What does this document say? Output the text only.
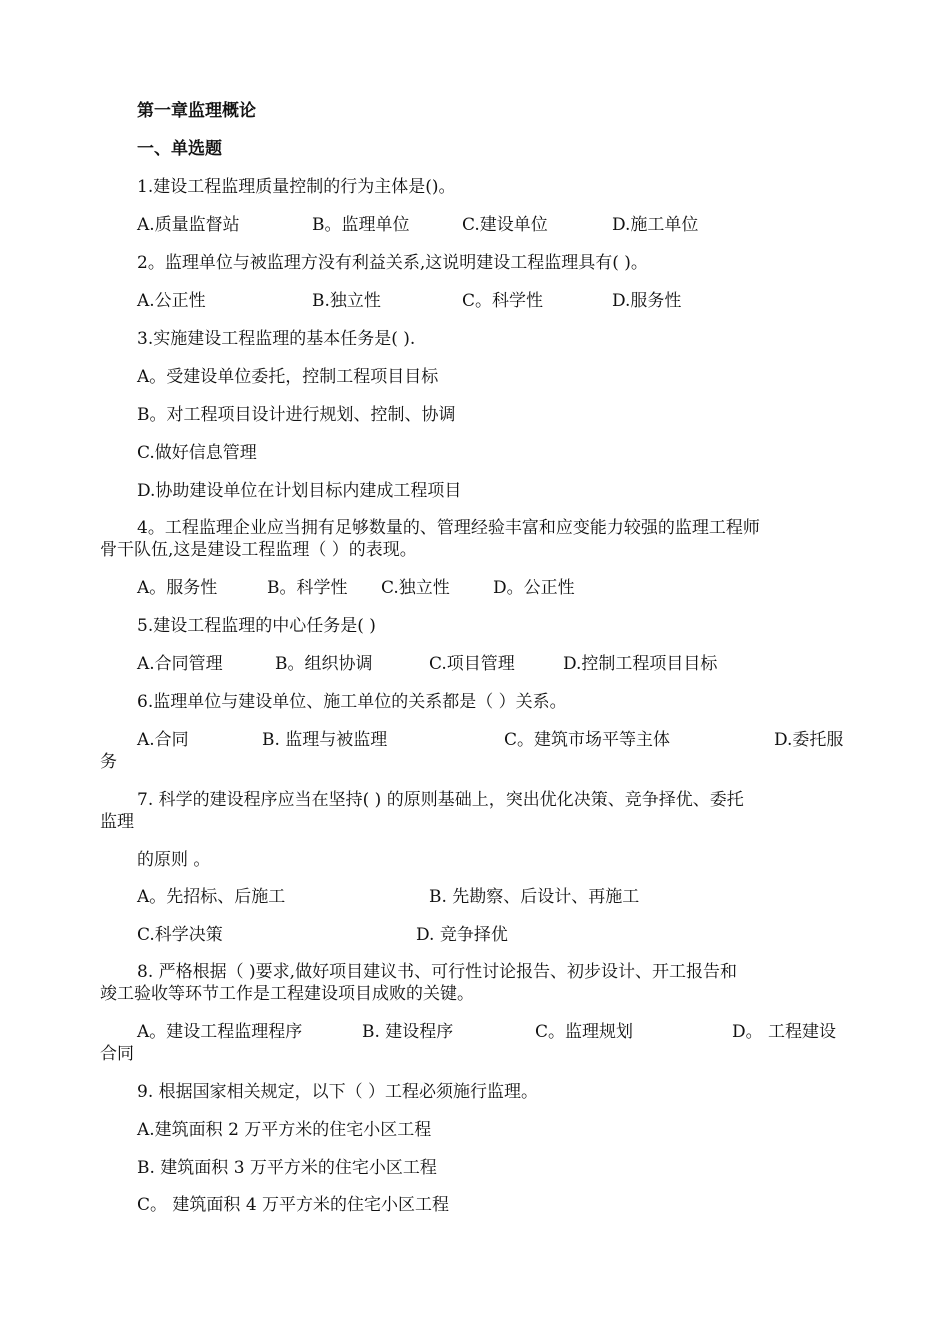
第一章监理概论
一、单选题
1.建设工程监理质量控制的行为主体是()。
A.质量监督站	B。监理单位	C.建设单位	D.施工单位
2。监理单位与被监理方没有利益关系,这说明建设工程监理具有( )。
A.公正性	B.独立性	C。科学性	D.服务性
3.实施建设工程监理的基本任务是( ).
A。受建设单位委托，控制工程项目目标
B。对工程项目设计进行规划、控制、协调
C.做好信息管理
D.协助建设单位在计划目标内建成工程项目
4。工程监理企业应当拥有足够数量的、管理经验丰富和应变能力较强的监理工程师
骨干队伍,这是建设工程监理（ ）的表现。
A。服务性	B。科学性 C.独立性	D。公正性
5.建设工程监理的中心任务是( )
A.合同管理	B。组织协调	C.项目管理	D.控制工程项目目标
6.监理单位与建设单位、施工单位的关系都是（ ）关系。
A.合同	B. 监理与被监理	C。建筑市场平等主体	D.委托服
务
7. 科学的建设程序应当在坚持( ) 的原则基础上，突出优化决策、竞争择优、委托
监理
的原则 。
A。先招标、后施工	B. 先勘察、后设计、再施工
C.科学决策	D. 竞争择优
8. 严格根据（ )要求,做好项目建议书、可行性讨论报告、初步设计、开工报告和
竣工验收等环节工作是工程建设项目成败的关键。
A。建设工程监理程序	B. 建设程序	C。监理规划	D。 工程建设
合同
9. 根据国家相关规定，以下（ ）工程必须施行监理。
A.建筑面积 2 万平方米的住宅小区工程
B. 建筑面积 3 万平方米的住宅小区工程
C。 建筑面积 4 万平方米的住宅小区工程
